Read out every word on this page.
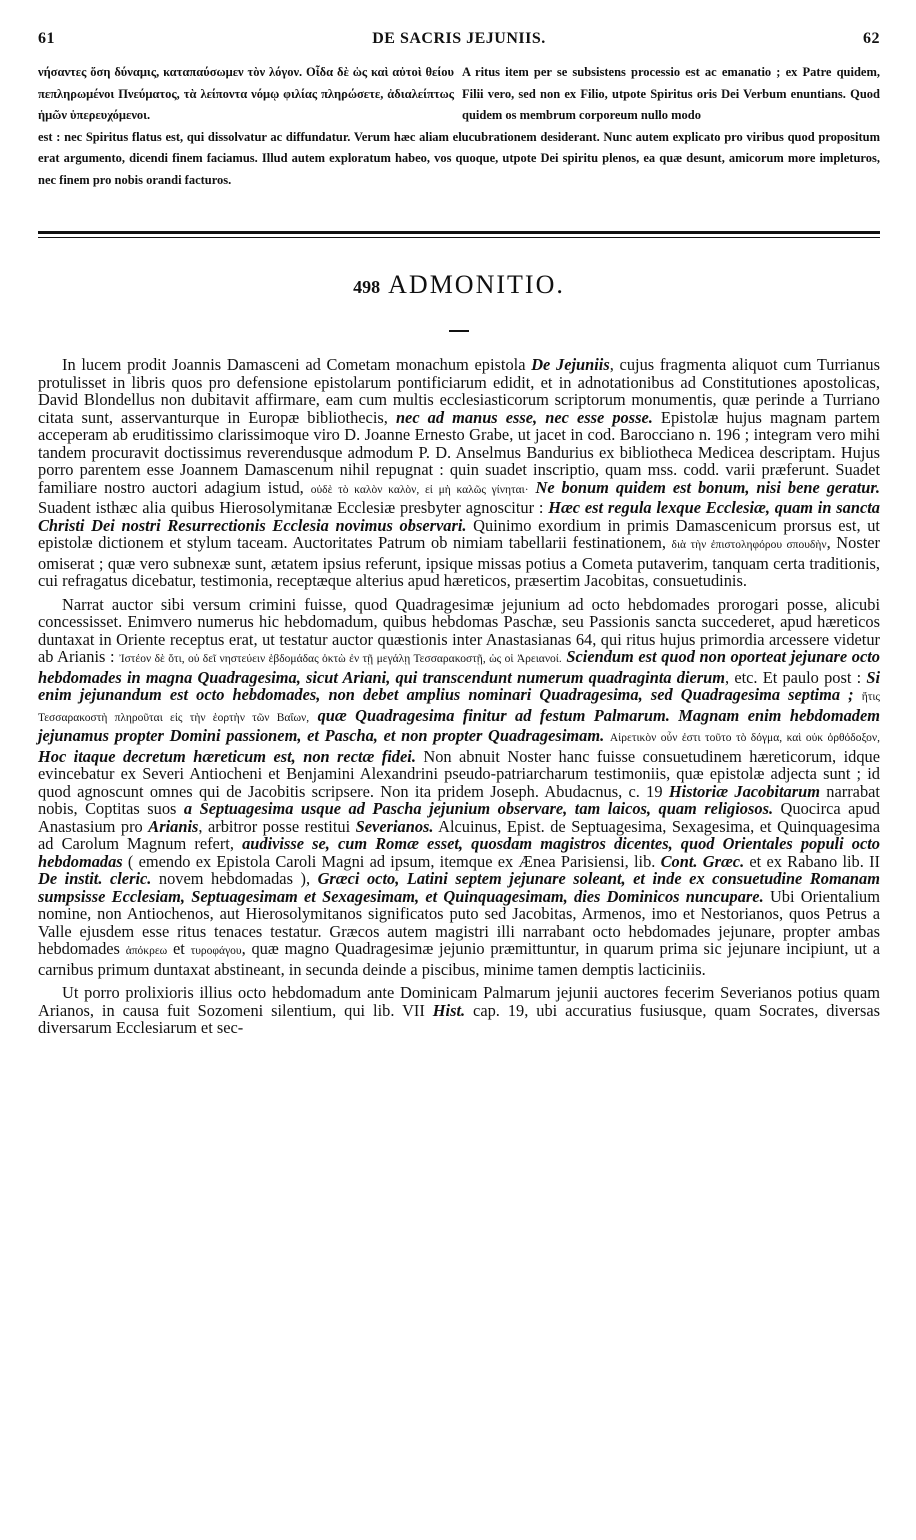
61	DE SACRIS JEJUNIIS.	62
νήσαντες ὅση δύναμις, καταπαύσωμεν τὸν λόγον. Οἶδα δὲ ὡς καὶ αὐτοὶ θείου πεπληρωμένοι Πνεύματος, τὰ λείποντα νόμῳ φιλίας πληρώσετε, ἀδιαλείπτως ἡμῶν ὑπερευχόμενοι.
A ritus item per se subsistens processio est ac emanatio ; ex Patre quidem, Filii vero, sed non ex Filio, utpote Spiritus oris Dei Verbum enuntians. Quod quidem os membrum corporeum nullo modo
est : nec Spiritus flatus est, qui dissolvatur ac diffundatur. Verum hæc aliam elucubrationem desiderant. Nunc autem explicato pro viribus quod propositum erat argumento, dicendi finem faciamus. Illud autem exploratum habeo, vos quoque, utpote Dei spiritu plenos, ea quæ desunt, amicorum more impleturos, nec finem pro nobis orandi facturos.
498 ADMONITIO.

In lucem prodit Joannis Damasceni ad Cometam monachum epistola De Jejuniis, cujus fragmenta aliquot cum Turrianus protulisset in libris quos pro defensione epistolarum pontificiarum edidit, et in adnotationibus ad Constitutiones apostolicas, David Blondellus non dubitavit affirmare, eam cum multis ecclesiasticorum scriptorum monumentis, quæ perinde a Turriano citata sunt, asservanturque in Europæ bibliothecis, nec ad manus esse, nec esse posse. Epistolæ hujus magnam partem acceperam ab eruditissimo clarissimoque viro D. Joanne Ernesto Grabe, ut jacet in cod. Barocciano n. 196 ; integram vero mihi tandem procuravit doctissimus reverendusque admodum P. D. Anselmus Bandurius ex bibliotheca Medicea descriptam. Hujus porro parentem esse Joannem Damascenum nihil repugnat : quin suadet inscriptio, quam mss. codd. varii præferunt. Suadet familiare nostro auctori adagium istud, οὐδὲ τὸ καλὸν καλὸν, εἰ μὴ καλῶς γίνηται· Ne bonum quidem est bonum, nisi bene geratur. Suadent isthæc alia quibus Hierosolymitanæ Ecclesiæ presbyter agnoscitur : Hæc est regula lexque Ecclesiæ, quam in sancta Christi Dei nostri Resurrectionis Ecclesia novimus observari. Quinimo exordium in primis Damascenicum prorsus est, ut epistolæ dictionem et stylum taceam. Auctoritates Patrum ob nimiam tabellarii festinationem, διὰ τὴν ἐπιστοληφόρου σπουδὴν, Noster omiserat ; quæ vero subnexæ sunt, ætatem ipsius referunt, ipsique missas potius a Cometa putaverim, tanquam certa traditionis, cui refragatus dicebatur, testimonia, receptæque alterius apud hæreticos, præsertim Jacobitas, consuetudinis.

Narrat auctor sibi versum crimini fuisse, quod Quadragesimæ jejunium ad octo hebdomades prorogari posse, alicubi concessisset. Enimvero numerus hic hebdomadum, quibus hebdomas Paschæ, seu Passionis sancta succederet, apud hæreticos duntaxat in Oriente receptus erat, ut testatur auctor quæstionis inter Anastasianas 64, qui ritus hujus primordia arcessere videtur ab Arianis : Ἰστέον δὲ ὅτι, οὐ δεῖ νηστεύειν ἑβδομάδας ὀκτὼ ἐν τῇ μεγάλῃ Τεσσαρακοστῇ, ὡς οἱ Ἀρειανοί. Sciendum est quod non oporteat jejunare octo hebdomades in magna Quadragesima, sicut Ariani, qui transcendunt numerum quadraginta dierum, etc. Et paulo post : Si enim jejunandum est octo hebdomades, non debet amplius nominari Quadragesima, sed Quadragesima septima ; ἥτις Τεσσαρακοστὴ πληροῦται εἰς τὴν ἑορτὴν τῶν Βαΐων, quæ Quadragesima finitur ad festum Palmarum. Magnam enim hebdomadem jejunamus propter Domini passionem, et Pascha, et non propter Quadragesimam. Αἱρετικὸν οὖν ἐστι τοῦτο τὸ δόγμα, καὶ οὐκ ὀρθόδοξον, Hoc itaque decretum hæreticum est, non rectæ fidei. Non abnuit Noster hanc fuisse consuetudinem hæreticorum, idque evincebatur ex Severi Antiocheni et Benjamini Alexandrini pseudo-patriarcharum testimoniis, quæ epistolæ adjecta sunt ; id quod agnoscunt omnes qui de Jacobitis scripsere. Non ita pridem Joseph. Abudacnus, c. 19 Historiæ Jacobitarum narrabat nobis, Coptitas suos a Septuagesima usque ad Pascha jejunium observare, tam laicos, quam religiosos. Quocirca apud Anastasium pro Arianis, arbitror posse restitui Severianos. Alcuinus, Epist. de Septuagesima, Sexagesima, et Quinquagesima ad Carolum Magnum refert, audivisse se, cum Romæ esset, quosdam magistros dicentes, quod Orientales populi octo hebdomadas ( emendo ex Epistola Caroli Magni ad ipsum, itemque ex Ænea Parisiensi, lib. Cont. Græc. et ex Rabano lib. II De instit. cleric. novem hebdomadas ), Græci octo, Latini septem jejunare soleant, et inde ex consuetudine Romanam sumpsisse Ecclesiam, Septuagesimam et Sexagesimam, et Quinquagesimam, dies Dominicos nuncupare. Ubi Orientalium nomine, non Antiochenos, aut Hierosolymitanos significatos puto sed Jacobitas, Armenos, imo et Nestorianos, quos Petrus a Valle ejusdem esse ritus tenaces testatur. Græcos autem magistri illi narrabant octo hebdomades jejunare, propter ambas hebdomades ἀπόκρεω et τυροφάγου, quæ magno Quadragesimæ jejunio præmittuntur, in quarum prima sic jejunare incipiunt, ut a carnibus primum duntaxat abstineant, in secunda deinde a piscibus, minime tamen demptis lacticiniis.

Ut porro prolixioris illius octo hebdomadum ante Dominicam Palmarum jejunii auctores fecerim Severianos potius quam Arianos, in causa fuit Sozomeni silentium, qui lib. VII Hist. cap. 19, ubi accuratius fusiusque, quam Socrates, diversas diversarum Ecclesiarum et sec-
